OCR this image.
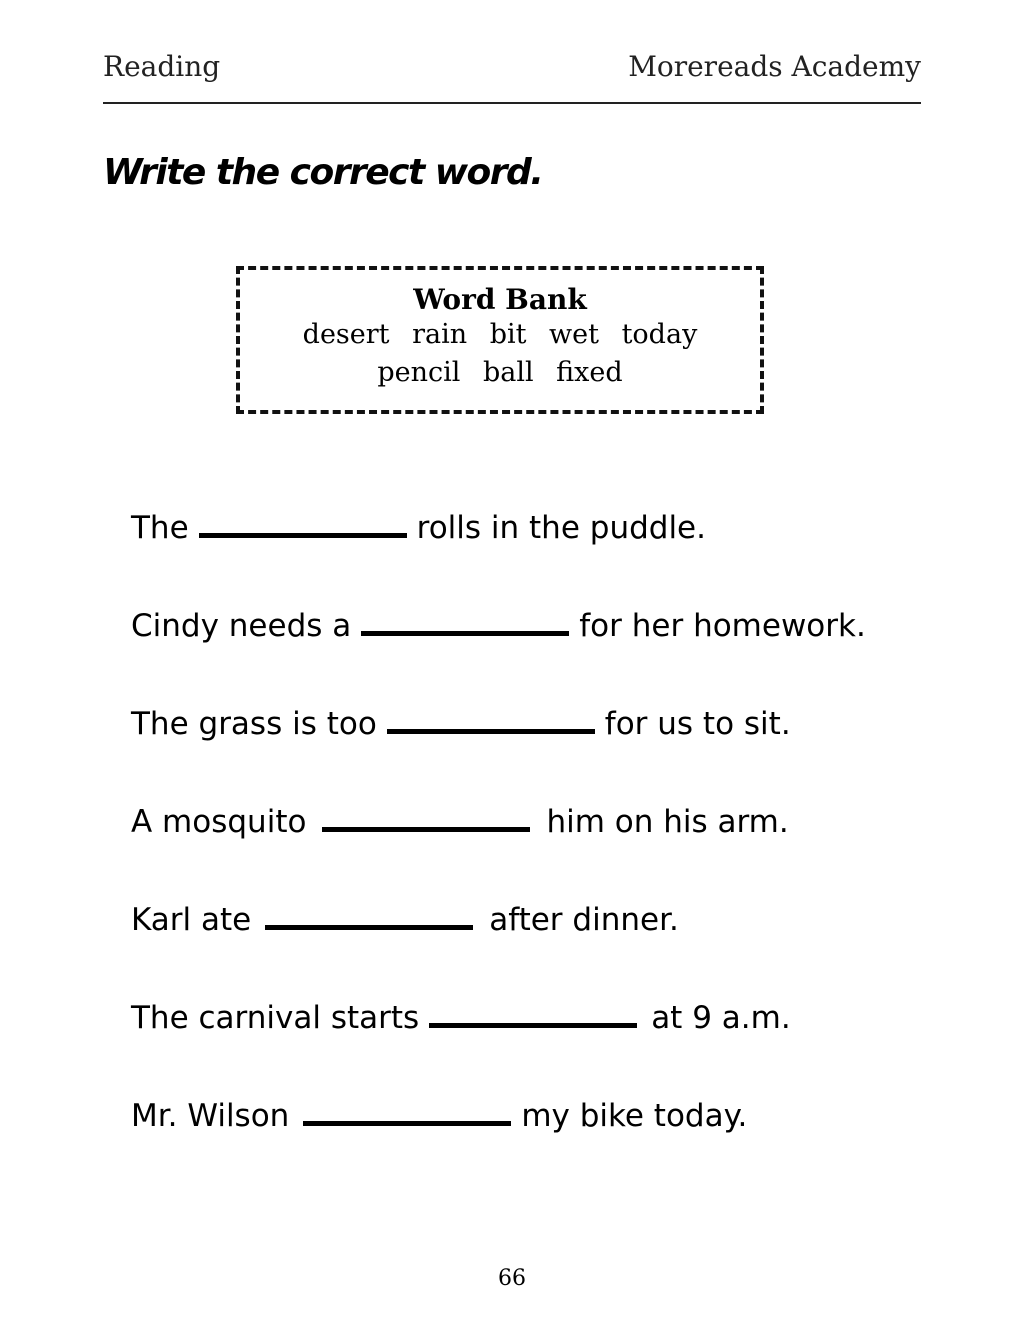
Reading	Morereads Academy
Write the correct word.
Word Bank
desert rain bit wet today
pencil ball fixed
The	rolls in the puddle.
Cindy needs a	for her homework.
The grass is too	for us to sit.
A mosquito	him on his arm.
Karl ate	after dinner.
The carnival starts	at 9 a.m.
Mr. Wilson	my bike today.
66
